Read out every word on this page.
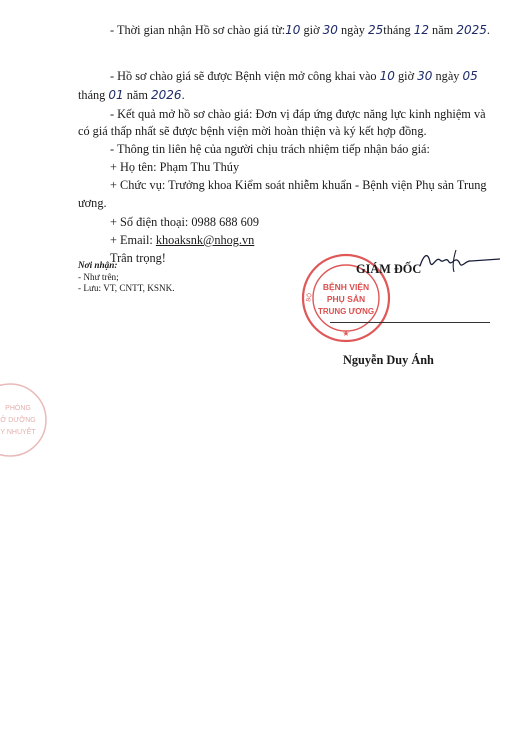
- Thời gian nhận Hồ sơ chào giá từ:10 giờ 30 ngày 25tháng 12 năm 2025.
- Hồ sơ chào giá sẽ được Bệnh viện mở công khai vào 10 giờ 30 ngày 05
tháng 01 năm 2026.
- Kết quả mở hồ sơ chào giá: Đơn vị đáp ứng được năng lực kinh nghiệm và
có giá thấp nhất sẽ được bệnh viện mời hoàn thiện và ký kết hợp đồng.
- Thông tin liên hệ của người chịu trách nhiệm tiếp nhận báo giá:
+ Họ tên: Phạm Thu Thúy
+ Chức vụ: Trưởng khoa Kiểm soát nhiễm khuẩn - Bệnh viện Phụ sản Trung
ương.
+ Số điện thoại: 0988 688 609
+ Email: khoaksnk@nhog.vn
Trân trọng!
Nơi nhận:
- Như trên;
- Lưu: VT, CNTT, KSNK.	BỆNH VIỆN
PHỤ SẢN
TRUNG ƯƠNG
BỘ
★
GIÁM ĐỐC
Nguyễn Duy Ánh
PHÒNG
Ở DƯỠNG
Y NHUYỄT
